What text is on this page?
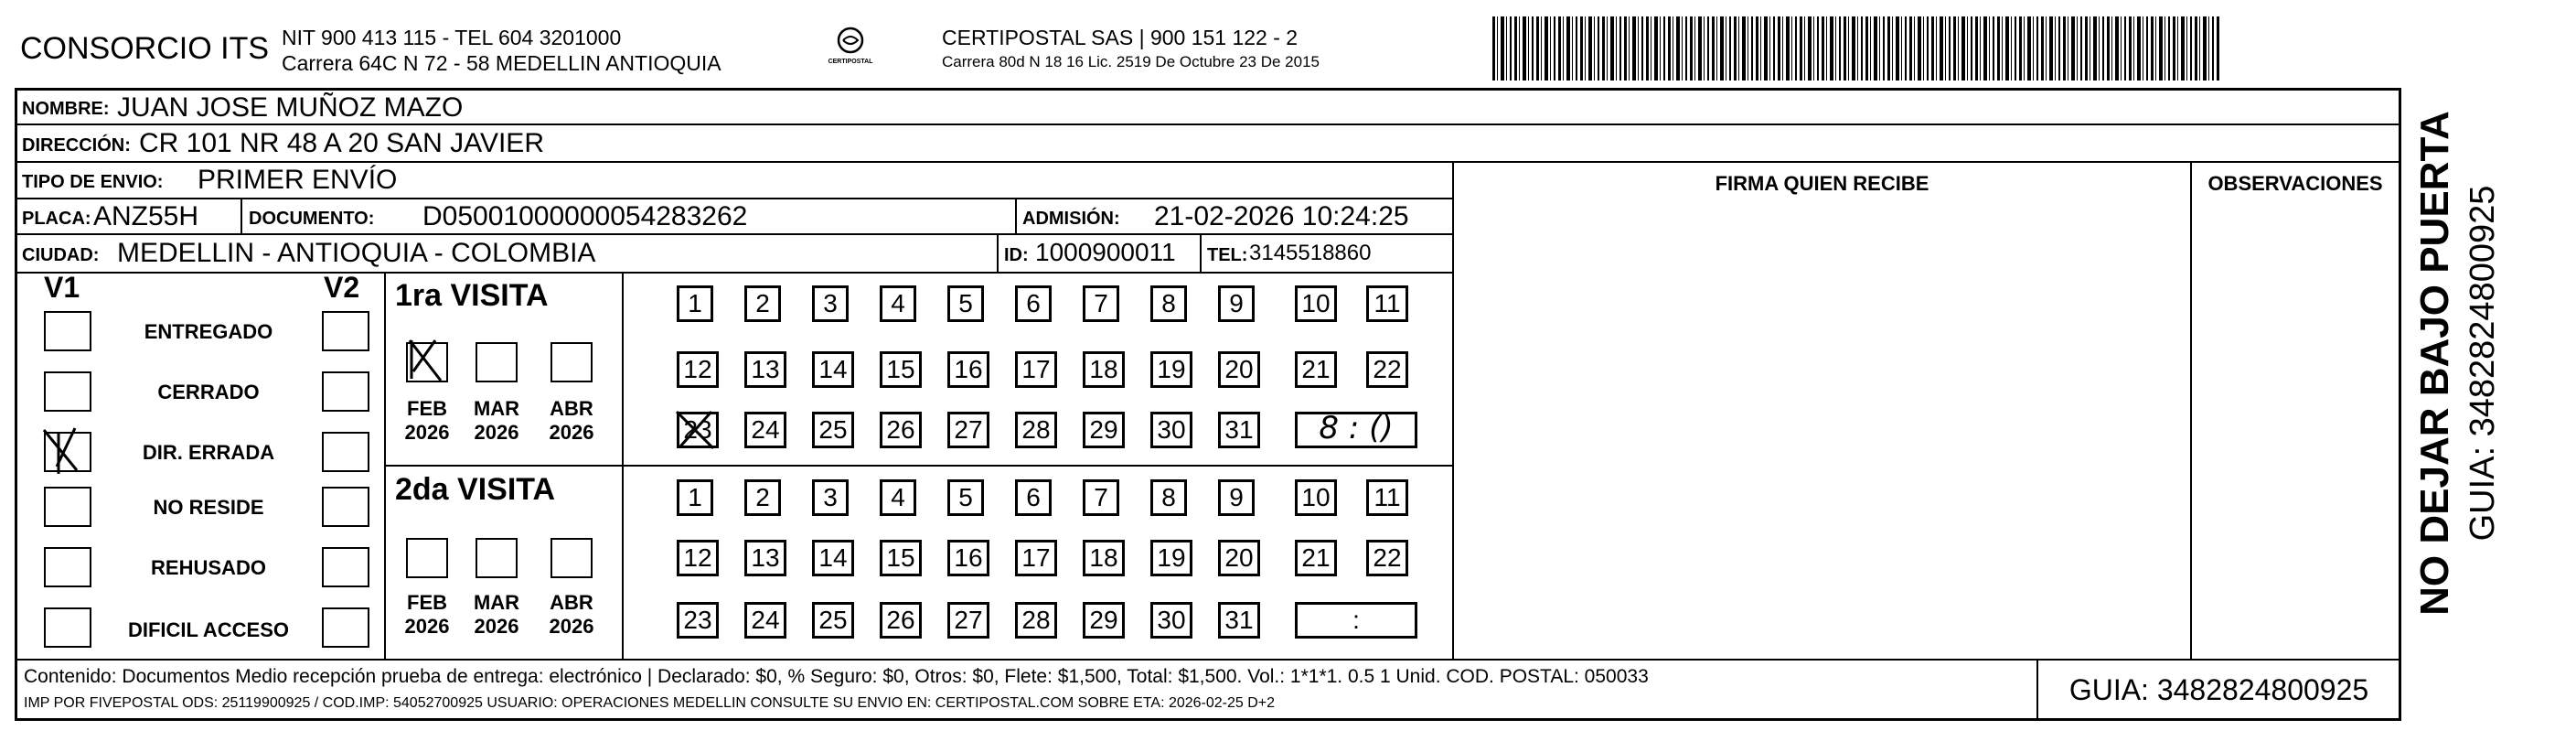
CONSORCIO ITS NIT 900 413 115 - TEL 604 3201000
Carrera 64C N 72 - 58 MEDELLIN ANTIOQUIA	CERTIPOSTAL
CERTIPOSTAL SAS | 900 151 122 - 2
Carrera 80d N 18 16 Lic. 2519 De Octubre 23 De 2015
NOMBRE: JUAN JOSE MUÑOZ MAZO
DIRECCIÓN: CR 101 NR 48 A 20 SAN JAVIER
TIPO DE ENVIO: PRIMER ENVÍO	FIRMA QUIEN RECIBE	OBSERVACIONES
PLACA: ANZ55H	DOCUMENTO: D05001000000054283262	ADMISIÓN: 21-02-2026 10:24:25
CIUDAD: MEDELLIN - ANTIOQUIA - COLOMBIA	ID: 1000900011 TEL: 3145518860
V1	V2
ENTREGADO
CERRADO
DIR. ERRADA
NO RESIDE
REHUSADO
DIFICIL ACCESO
1ra VISITA
FEB
2026
MAR
2026
ABR
2026
1	2	3	4	5	6	7	8	9	10	11
12 13 14 15 16 17 18 19 20 21 22
23 24 25 26 27 28 29 30 31	8 : ()
2da VISITA
FEB
2026
MAR
2026
ABR
2026
1	2	3	4	5	6	7	8	9	10	11
12 13 14 15 16 17 18 19 20 21 22
23 24 25 26 27 28 29 30 31	:
Contenido: Documentos Medio recepción prueba de entrega: electrónico | Declarado: $0, % Seguro: $0, Otros: $0, Flete: $1,500, Total: $1,500. Vol.: 1*1*1. 0.5 1 Unid. COD. POSTAL: 050033
IMP POR FIVEPOSTAL ODS: 25119900925 / COD.IMP: 54052700925 USUARIO: OPERACIONES MEDELLIN CONSULTE SU ENVIO EN: CERTIPOSTAL.COM SOBRE ETA: 2026-02-25 D+2	GUIA: 3482824800925
NO DEJAR BAJO PUERTA GUIA: 3482824800925
